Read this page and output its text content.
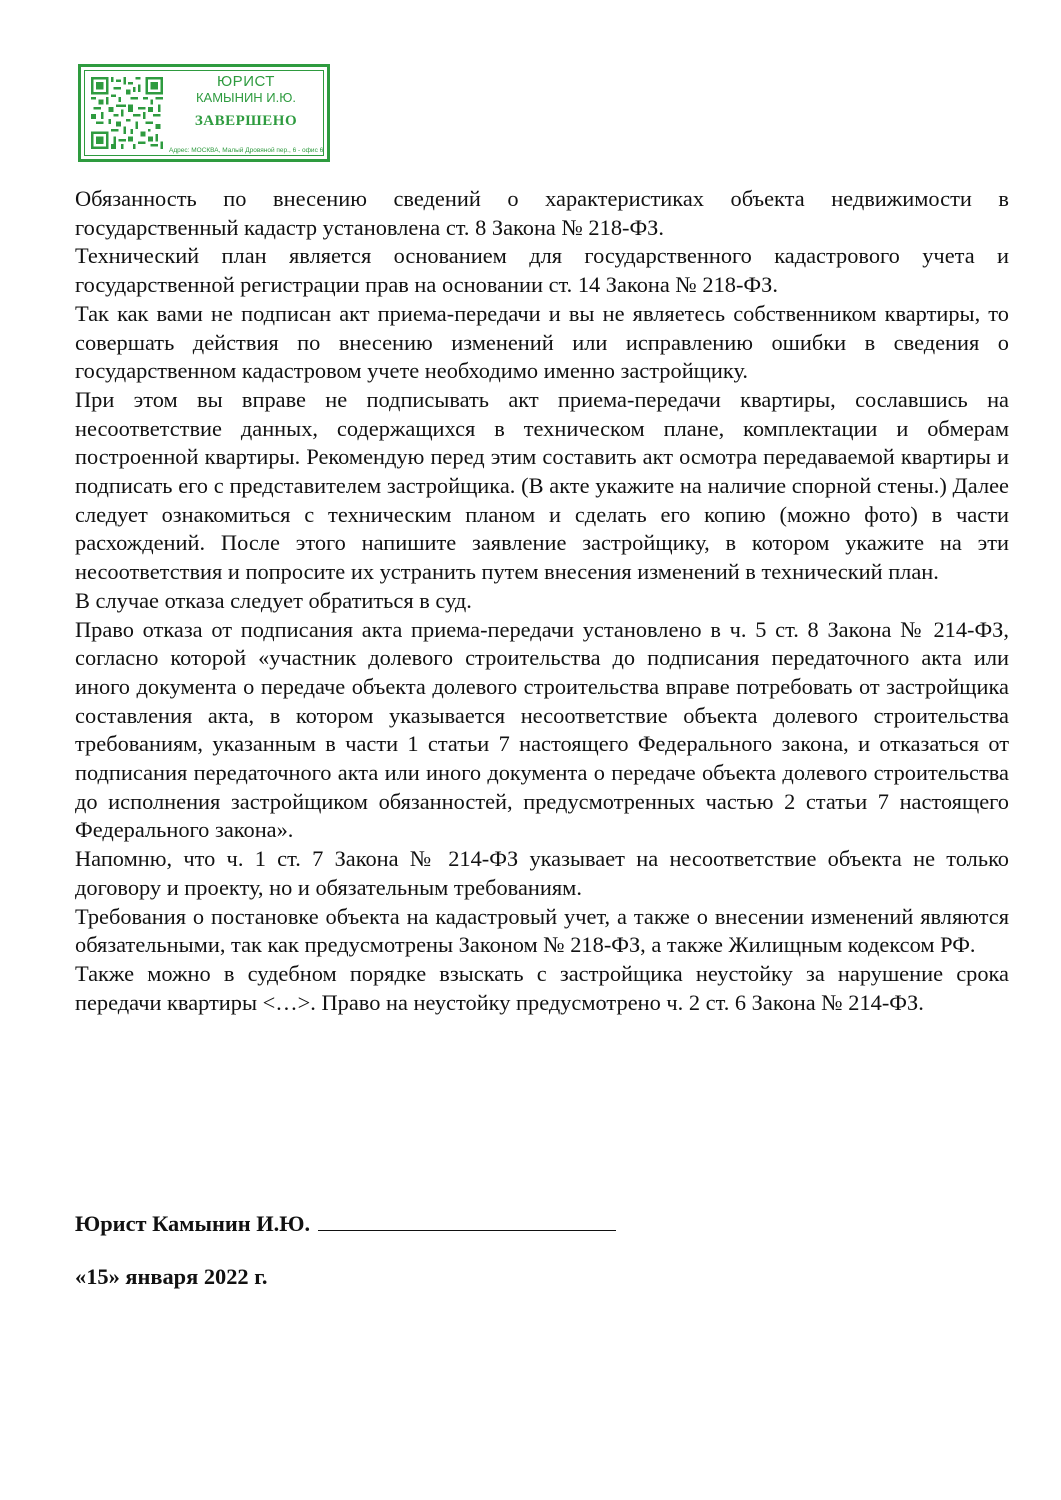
ЮРИСТ
КАМЫНИН И.Ю.
ЗАВЕРШЕНО
Адрес: МОСКВА, Малый Дровяной пер., 6 - офис 6

Обязанность по внесению сведений о характеристиках объекта недвижимости в государственный кадастр установлена ст. 8 Закона № 218-ФЗ.

Технический план является основанием для государственного кадастрового учета и государственной регистрации прав на основании ст. 14 Закона № 218-ФЗ.

Так как вами не подписан акт приема-передачи и вы не являетесь собственником квартиры, то совершать действия по внесению изменений или исправлению ошибки в сведения о государственном кадастровом учете необходимо именно застройщику.

При этом вы вправе не подписывать акт приема-передачи квартиры, сославшись на несоответствие данных, содержащихся в техническом плане, комплектации и обмерам построенной квартиры. Рекомендую перед этим составить акт осмотра передаваемой квартиры и подписать его с представителем застройщика. (В акте укажите на наличие спорной стены.) Далее следует ознакомиться с техническим планом и сделать его копию (можно фото) в части расхождений. После этого напишите заявление застройщику, в котором укажите на эти несоответствия и попросите их устранить путем внесения изменений в технический план.

В случае отказа следует обратиться в суд.

Право отказа от подписания акта приема-передачи установлено в ч. 5 ст. 8 Закона № 214-ФЗ, согласно которой «участник долевого строительства до подписания передаточного акта или иного документа о передаче объекта долевого строительства вправе потребовать от застройщика составления акта, в котором указывается несоответствие объекта долевого строительства требованиям, указанным в части 1 статьи 7 настоящего Федерального закона, и отказаться от подписания передаточного акта или иного документа о передаче объекта долевого строительства до исполнения застройщиком обязанностей, предусмотренных частью 2 статьи 7 настоящего Федерального закона».

Напомню, что ч. 1 ст. 7 Закона № 214-ФЗ указывает на несоответствие объекта не только договору и проекту, но и обязательным требованиям.

Требования о постановке объекта на кадастровый учет, а также о внесении изменений являются обязательными, так как предусмотрены Законом № 218-ФЗ, а также Жилищным кодексом РФ.

Также можно в судебном порядке взыскать с застройщика неустойку за нарушение срока передачи квартиры <…>. Право на неустойку предусмотрено ч. 2 ст. 6 Закона № 214-ФЗ.

Юрист Камынин И.Ю.
«15» января 2022 г.
